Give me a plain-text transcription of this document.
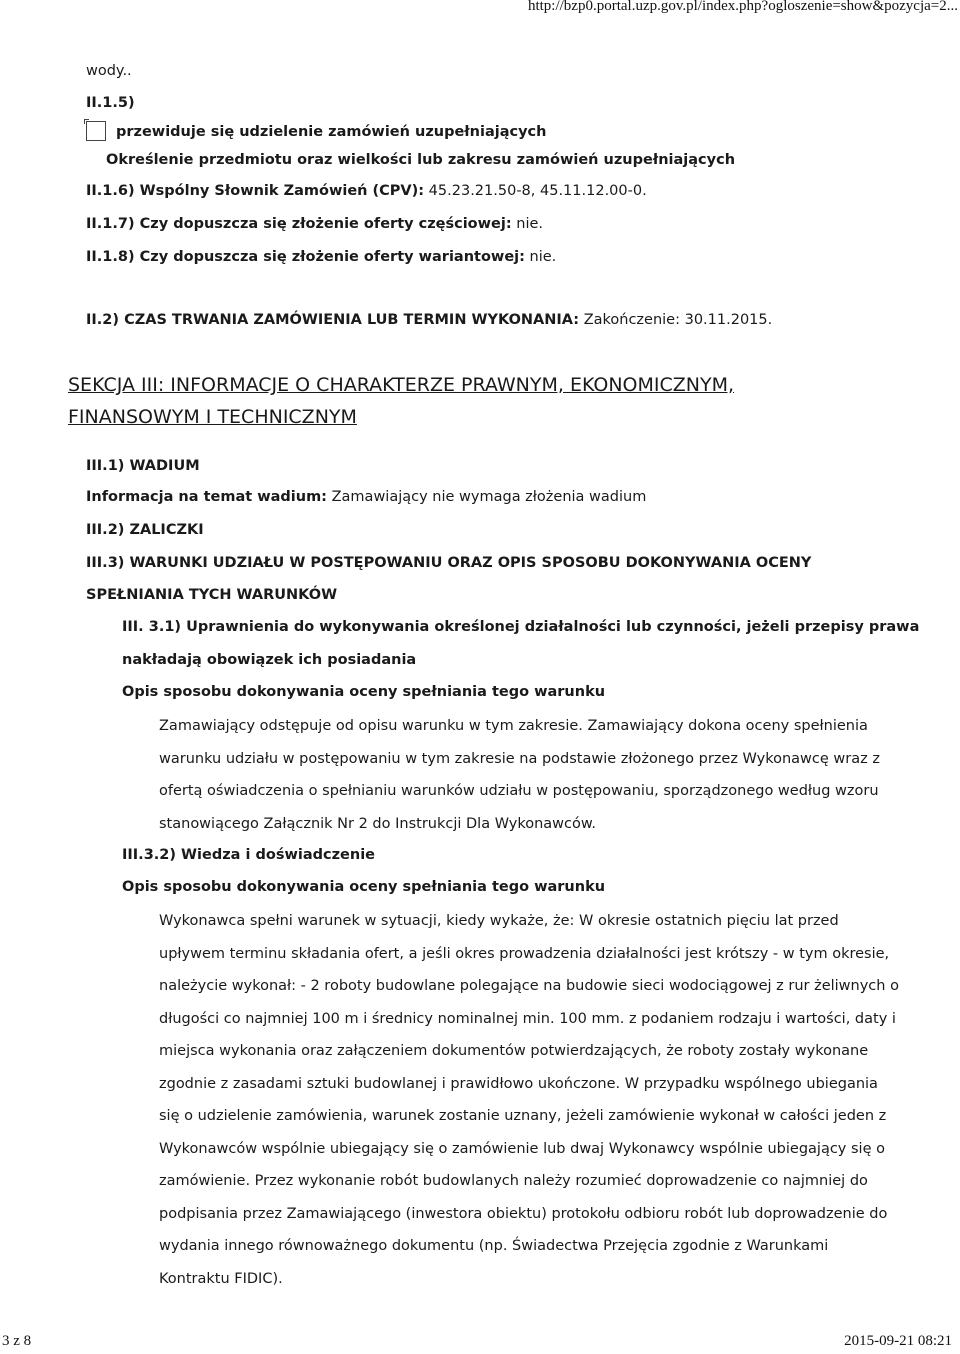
http://bzp0.portal.uzp.gov.pl/index.php?ogloszenie=show&pozycja=2...
3 z 8	2015-09-21 08:21
wody..
II.1.5)
przewiduje się udzielenie zamówień uzupełniających
Określenie przedmiotu oraz wielkości lub zakresu zamówień uzupełniających
II.1.6) Wspólny Słownik Zamówień (CPV): 45.23.21.50-8, 45.11.12.00-0.
II.1.7) Czy dopuszcza się złożenie oferty częściowej: nie.
II.1.8) Czy dopuszcza się złożenie oferty wariantowej: nie.
II.2) CZAS TRWANIA ZAMÓWIENIA LUB TERMIN WYKONANIA: Zakończenie: 30.11.2015.
SEKCJA III: INFORMACJE O CHARAKTERZE PRAWNYM, EKONOMICZNYM,
FINANSOWYM I TECHNICZNYM
III.1) WADIUM
Informacja na temat wadium: Zamawiający nie wymaga złożenia wadium
III.2) ZALICZKI
III.3) WARUNKI UDZIAŁU W POSTĘPOWANIU ORAZ OPIS SPOSOBU DOKONYWANIA OCENY
SPEŁNIANIA TYCH WARUNKÓW
III. 3.1) Uprawnienia do wykonywania określonej działalności lub czynności, jeżeli przepisy prawa
nakładają obowiązek ich posiadania
Opis sposobu dokonywania oceny spełniania tego warunku
Zamawiający odstępuje od opisu warunku w tym zakresie. Zamawiający dokona oceny spełnienia
warunku udziału w postępowaniu w tym zakresie na podstawie złożonego przez Wykonawcę wraz z
ofertą oświadczenia o spełnianiu warunków udziału w postępowaniu, sporządzonego według wzoru
stanowiącego Załącznik Nr 2 do Instrukcji Dla Wykonawców.
III.3.2) Wiedza i doświadczenie
Opis sposobu dokonywania oceny spełniania tego warunku
Wykonawca spełni warunek w sytuacji, kiedy wykaże, że: W okresie ostatnich pięciu lat przed
upływem terminu składania ofert, a jeśli okres prowadzenia działalności jest krótszy - w tym okresie,
należycie wykonał: - 2 roboty budowlane polegające na budowie sieci wodociągowej z rur żeliwnych o
długości co najmniej 100 m i średnicy nominalnej min. 100 mm. z podaniem rodzaju i wartości, daty i
miejsca wykonania oraz załączeniem dokumentów potwierdzających, że roboty zostały wykonane
zgodnie z zasadami sztuki budowlanej i prawidłowo ukończone. W przypadku wspólnego ubiegania
się o udzielenie zamówienia, warunek zostanie uznany, jeżeli zamówienie wykonał w całości jeden z
Wykonawców wspólnie ubiegający się o zamówienie lub dwaj Wykonawcy wspólnie ubiegający się o
zamówienie. Przez wykonanie robót budowlanych należy rozumieć doprowadzenie co najmniej do
podpisania przez Zamawiającego (inwestora obiektu) protokołu odbioru robót lub doprowadzenie do
wydania innego równoważnego dokumentu (np. Świadectwa Przejęcia zgodnie z Warunkami
Kontraktu FIDIC).
